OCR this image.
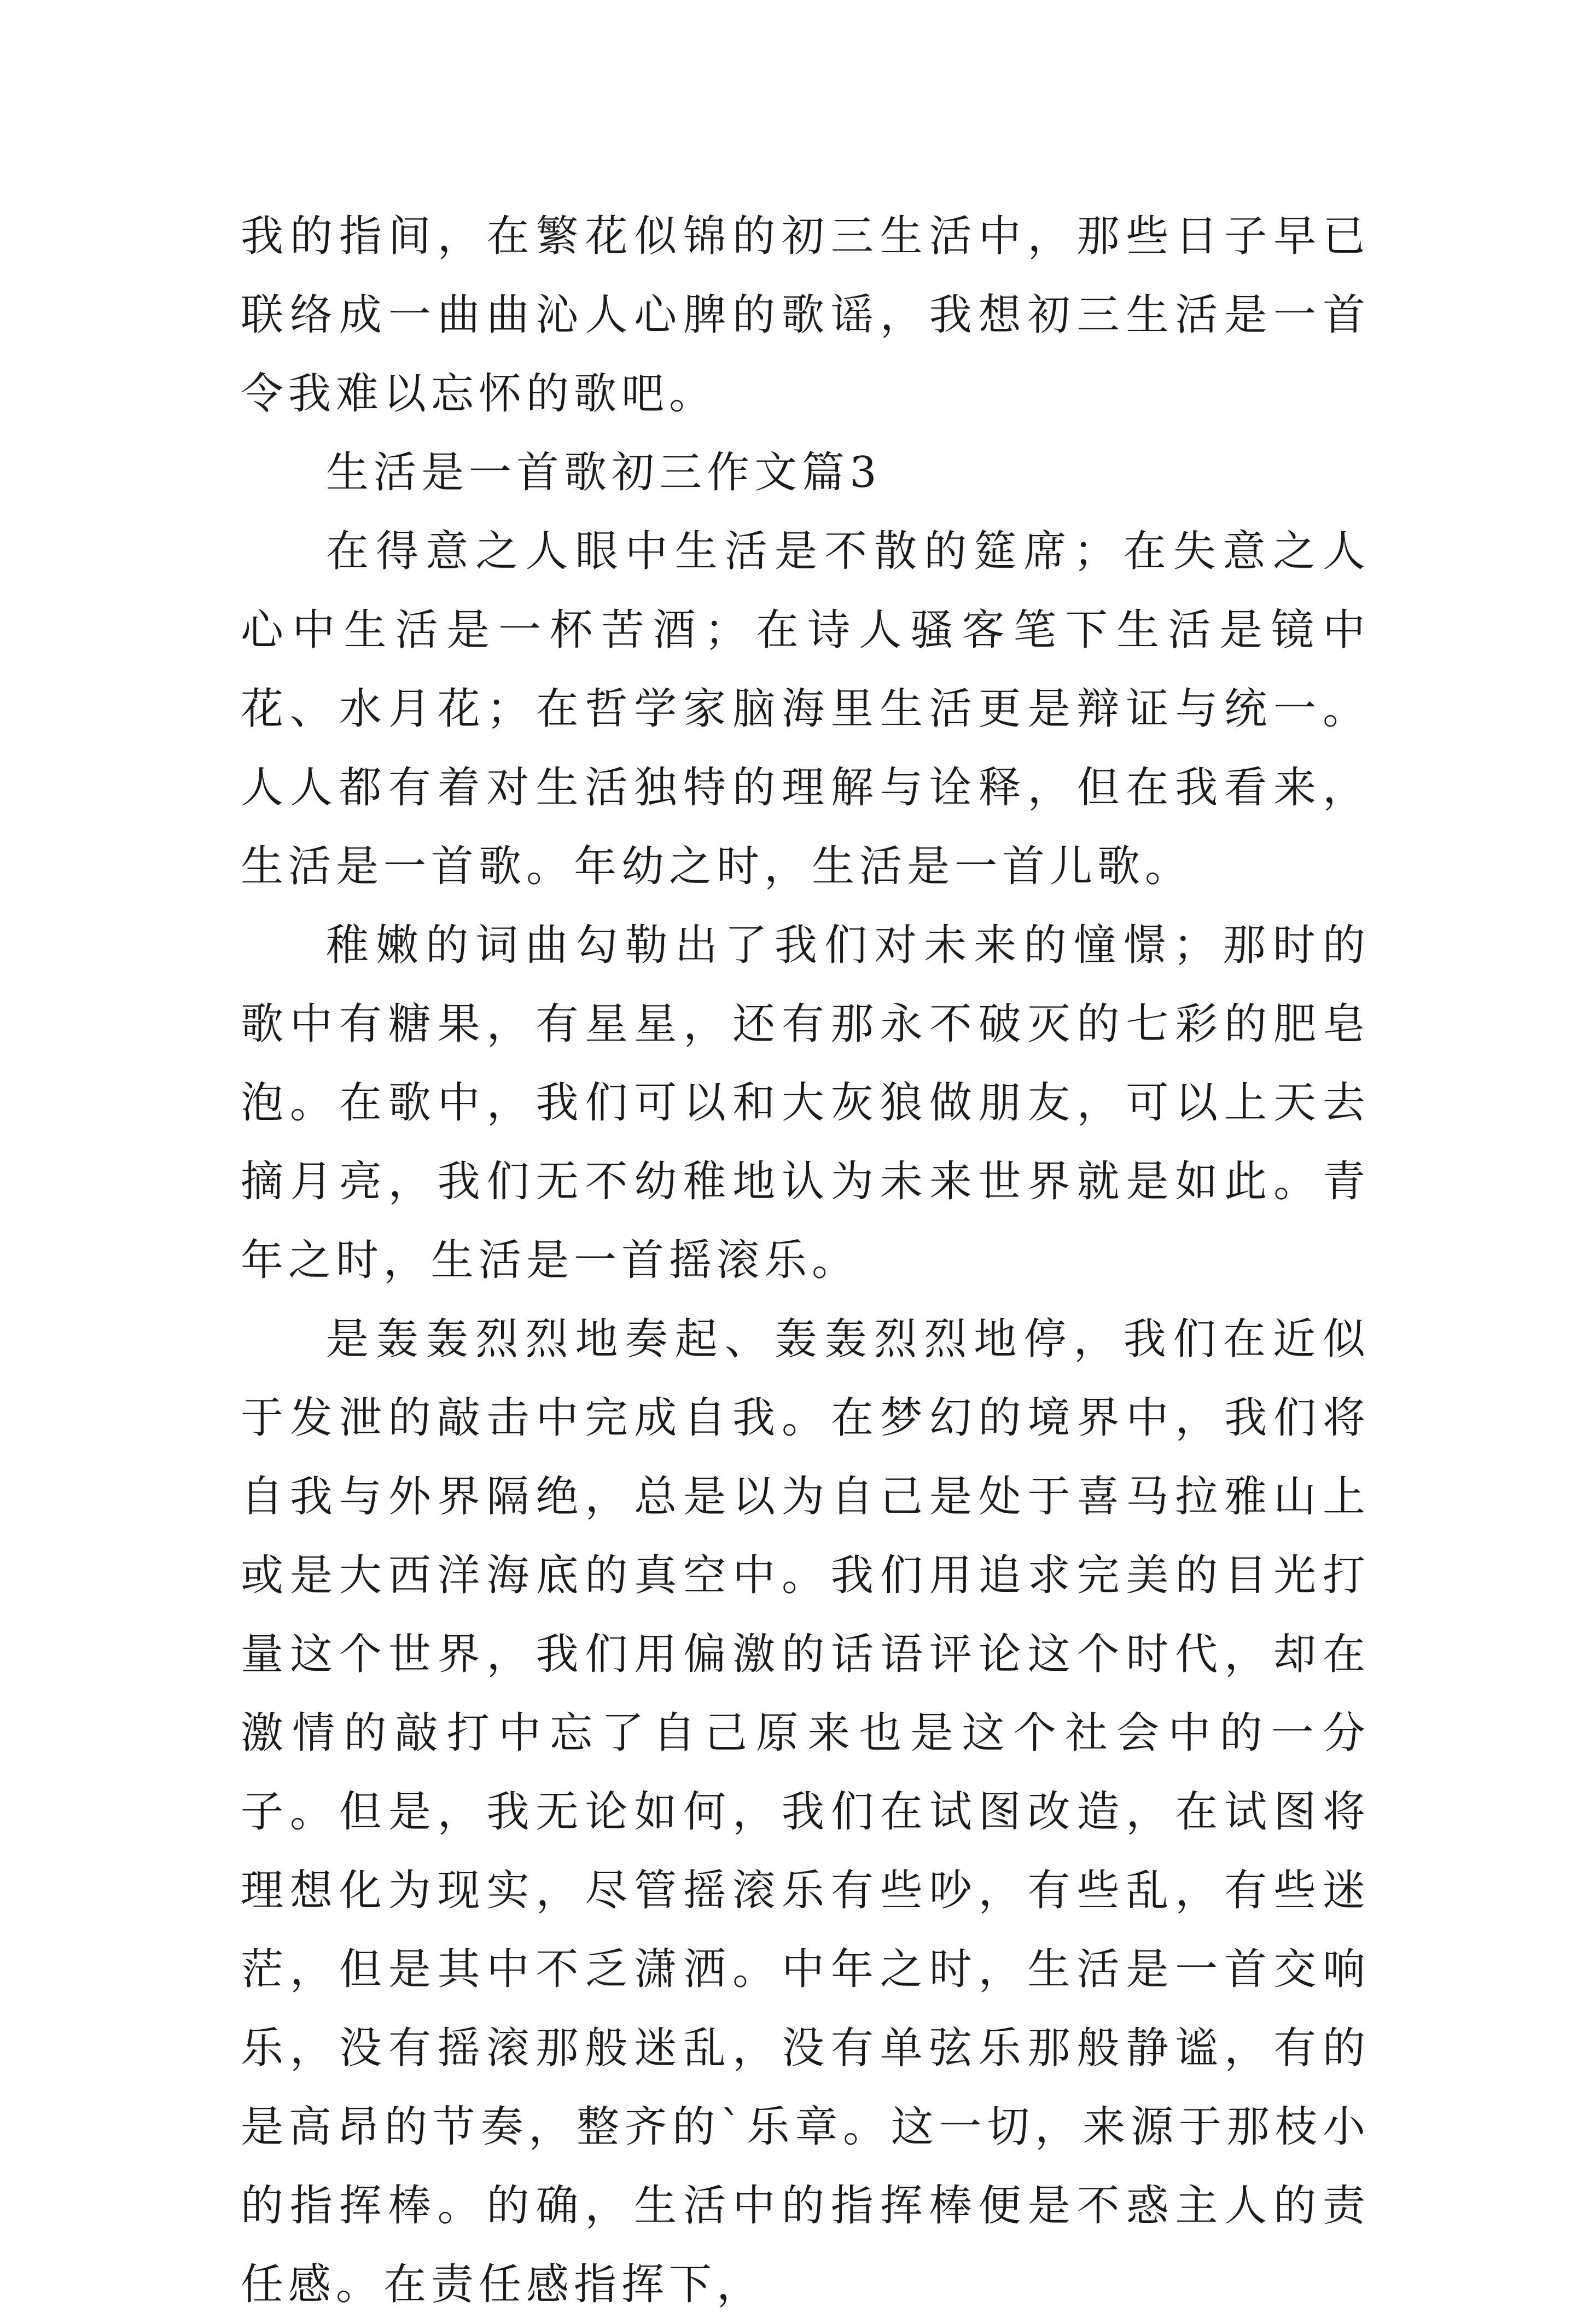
我的指间，在繁花似锦的初三生活中，那些日子早已联络成一曲曲沁人心脾的歌谣，我想初三生活是一首令我难以忘怀的歌吧。

生活是一首歌初三作文篇3

在得意之人眼中生活是不散的筵席；在失意之人心中生活是一杯苦酒；在诗人骚客笔下生活是镜中花、水月花；在哲学家脑海里生活更是辩证与统一。人人都有着对生活独特的理解与诠释，但在我看来，生活是一首歌。年幼之时，生活是一首儿歌。

稚嫩的词曲勾勒出了我们对未来的憧憬；那时的歌中有糖果，有星星，还有那永不破灭的七彩的肥皂泡。在歌中，我们可以和大灰狼做朋友，可以上天去摘月亮，我们无不幼稚地认为未来世界就是如此。青年之时，生活是一首摇滚乐。

是轰轰烈烈地奏起、轰轰烈烈地停，我们在近似于发泄的敲击中完成自我。在梦幻的境界中，我们将自我与外界隔绝，总是以为自己是处于喜马拉雅山上或是大西洋海底的真空中。我们用追求完美的目光打量这个世界，我们用偏激的话语评论这个时代，却在激情的敲打中忘了自己原来也是这个社会中的一分子。但是，我无论如何，我们在试图改造，在试图将理想化为现实，尽管摇滚乐有些吵，有些乱，有些迷茫，但是其中不乏潇洒。中年之时，生活是一首交响乐，没有摇滚那般迷乱，没有单弦乐那般静谧，有的是高昂的节奏，整齐的`乐章。这一切，来源于那枝小的指挥棒。的确，生活中的指挥棒便是不惑主人的责任感。在责任感指挥下，
